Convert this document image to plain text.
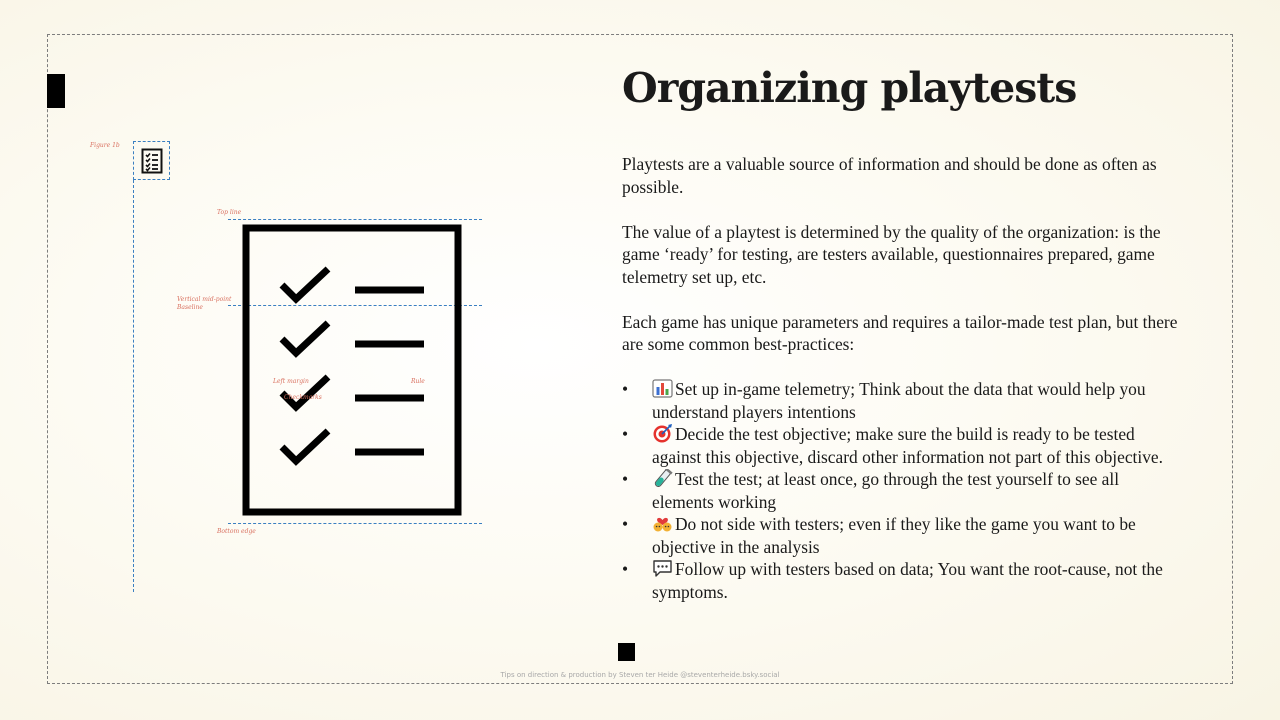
Figure 1b
Top line
Vertical mid-point
Baseline
Left margin
Checkmarks
Rule
Bottom edge
Organizing playtests

Playtests are a valuable source of information and should be done as often as possible.

The value of a playtest is determined by the quality of the organization: is the game ‘ready’ for testing, are testers available, questionnaires prepared, game telemetry set up, etc.

Each game has unique parameters and requires a tailor-made test plan, but there are some common best-practices:

•	Set up in-game telemetry; Think about the data that would help you understand players intentions
•	Decide the test objective; make sure the build is ready to be tested against this objective, discard other information not part of this objective.
•	Test the test; at least once, go through the test yourself to see all elements working
•	Do not side with testers; even if they like the game you want to be objective in the analysis
•	Follow up with testers based on data; You want the root-cause, not the symptoms.
Tips on direction & production by Steven ter Heide @steventerheide.bsky.social
